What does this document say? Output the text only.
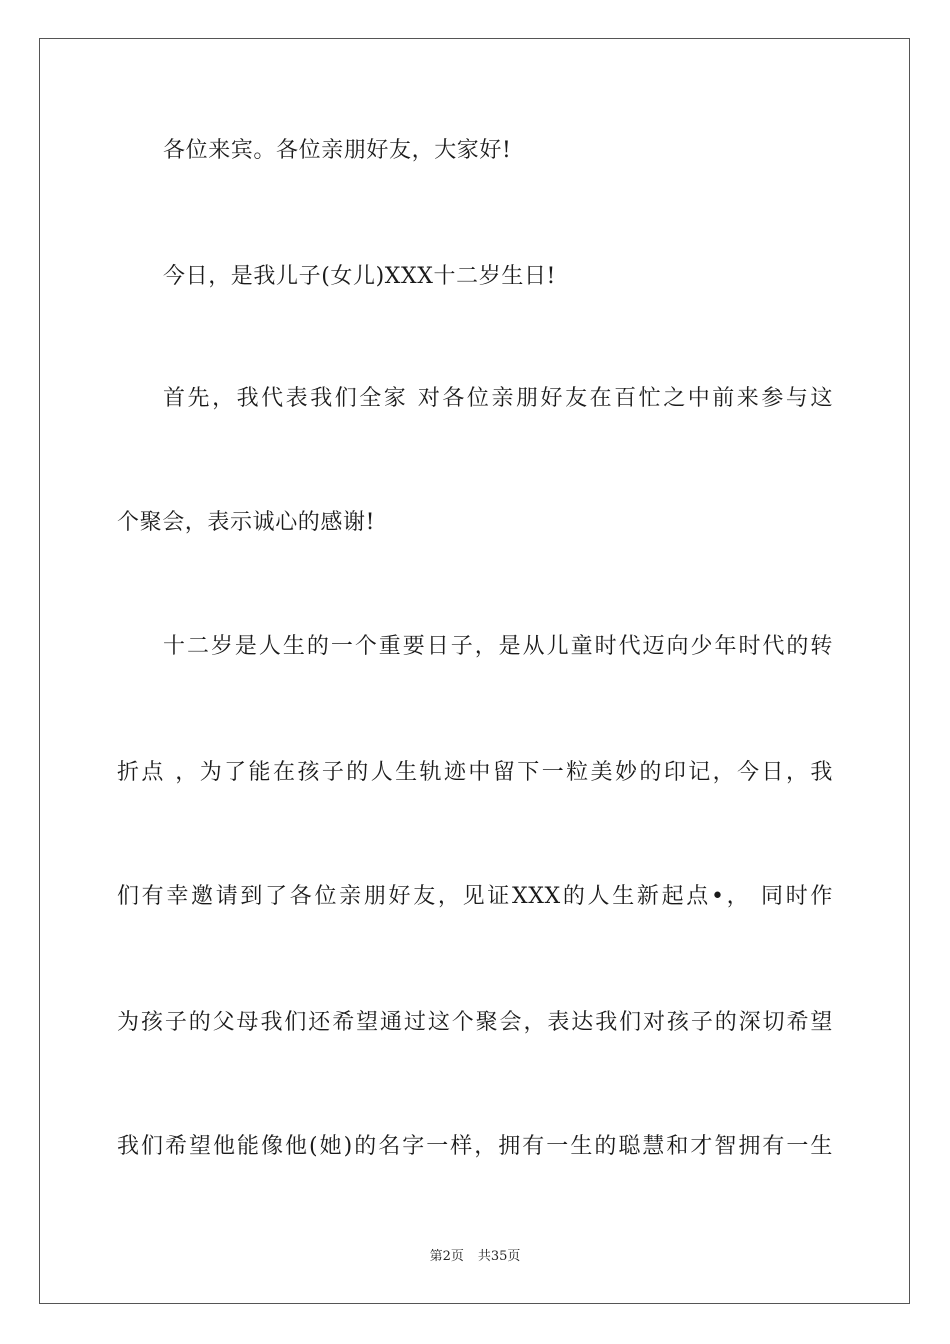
各位来宾。各位亲朋好友，大家好!
今日，是我儿子(女儿)XXX十二岁生日!
首先，我代表我们全家 对各位亲朋好友在百忙之中前来参与这
个聚会，表示诚心的感谢!
十二岁是人生的一个重要日子，是从儿童时代迈向少年时代的转
折点 ，为了能在孩子的人生轨迹中留下一粒美妙的印记，今日，我
们有幸邀请到了各位亲朋好友，见证XXX的人生新起点•， 同时作
为孩子的父母我们还希望通过这个聚会，表达我们对孩子的深切希望
我们希望他能像他(她)的名字一样，拥有一生的聪慧和才智拥有一生
第2页 共35页
